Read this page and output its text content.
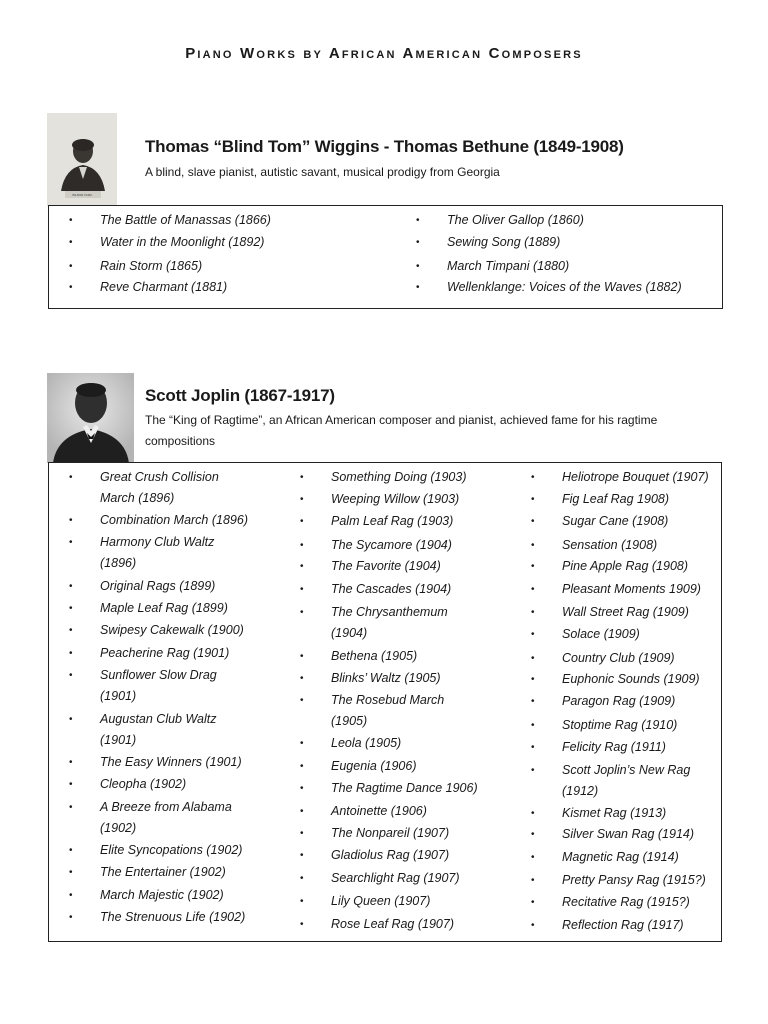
Piano Works by African American Composers
BLIND TOM
Thomas “Blind Tom” Wiggins - Thomas Bethune (1849-1908)
A blind, slave pianist, autistic savant, musical prodigy from Georgia
• The Battle of Manassas (1866)
• Water in the Moonlight (1892)
• Rain Storm (1865)
• Reve Charmant (1881)
• The Oliver Gallop (1860)
• Sewing Song (1889)
• March Timpani (1880)
• Wellenklange: Voices of the Waves (1882)
Scott Joplin (1867-1917)
The “King of Ragtime”, an African American composer and pianist, achieved fame for his ragtime
compositions
• Great Crush Collision
March (1896)
• Combination March (1896)
• Harmony Club Waltz
(1896)
• Original Rags (1899)
• Maple Leaf Rag (1899)
• Swipesy Cakewalk (1900)
• Peacherine Rag (1901)
• Sunflower Slow Drag
(1901)
• Augustan Club Waltz
(1901)
• The Easy Winners (1901)
• Cleopha (1902)
• A Breeze from Alabama
(1902)
• Elite Syncopations (1902)
• The Entertainer (1902)
• March Majestic (1902)
• The Strenuous Life (1902)
• Something Doing (1903)
• Weeping Willow (1903)
• Palm Leaf Rag (1903)
• The Sycamore (1904)
• The Favorite (1904)
• The Cascades (1904)
• The Chrysanthemum
(1904)
• Bethena (1905)
• Blinks’ Waltz (1905)
• The Rosebud March
(1905)
• Leola (1905)
• Eugenia (1906)
• The Ragtime Dance 1906)
• Antoinette (1906)
• The Nonpareil (1907)
• Gladiolus Rag (1907)
• Searchlight Rag (1907)
• Lily Queen (1907)
• Rose Leaf Rag (1907)
• Heliotrope Bouquet (1907)
• Fig Leaf Rag 1908)
• Sugar Cane (1908)
• Sensation (1908)
• Pine Apple Rag (1908)
• Pleasant Moments 1909)
• Wall Street Rag (1909)
• Solace (1909)
• Country Club (1909)
• Euphonic Sounds (1909)
• Paragon Rag (1909)
• Stoptime Rag (1910)
• Felicity Rag (1911)
• Scott Joplin’s New Rag
(1912)
• Kismet Rag (1913)
• Silver Swan Rag (1914)
• Magnetic Rag (1914)
• Pretty Pansy Rag (1915?)
• Recitative Rag (1915?)
• Reflection Rag (1917)
